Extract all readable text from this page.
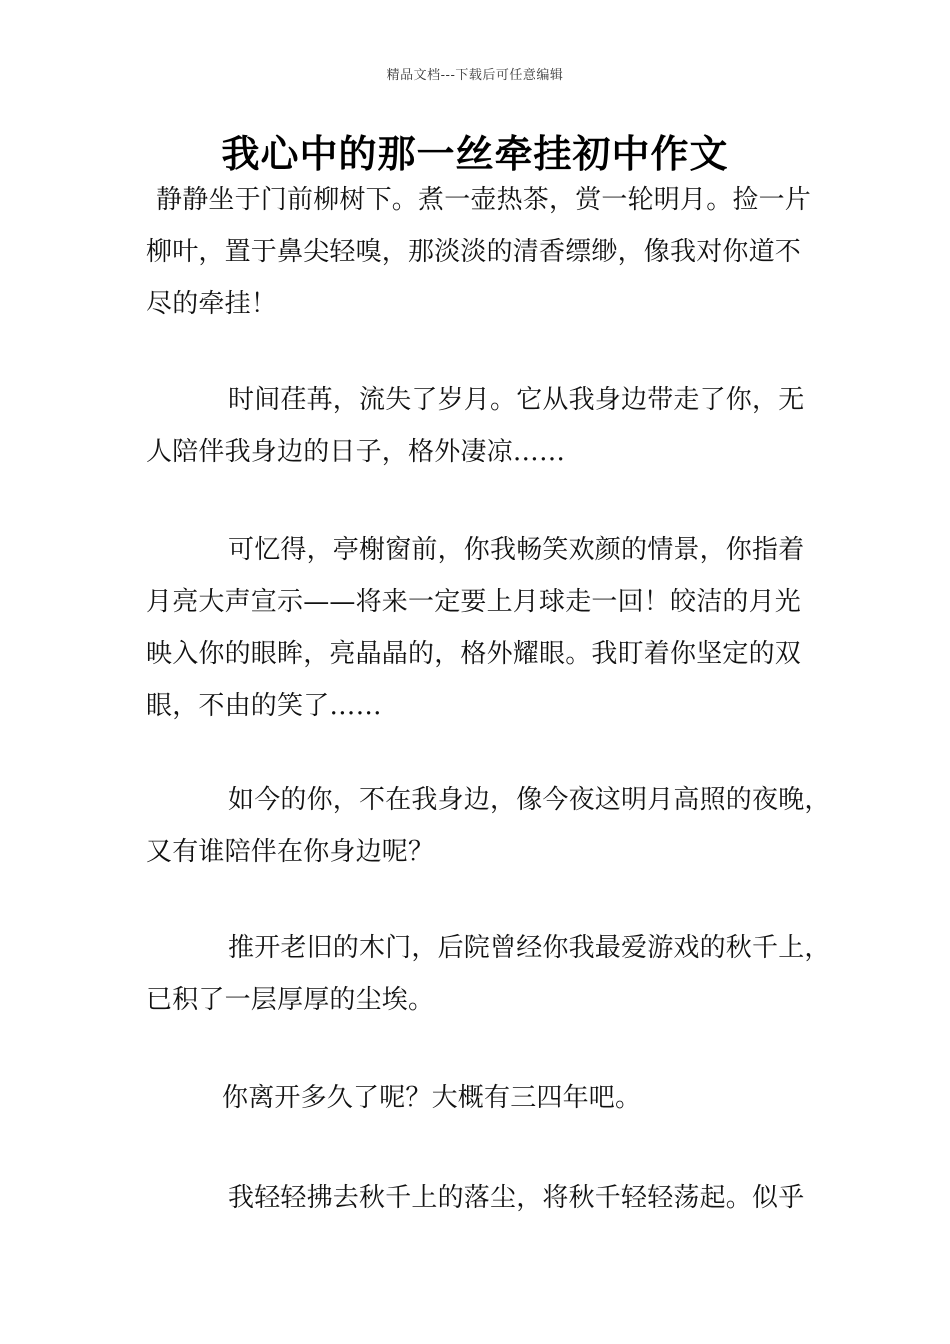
精品文档---下载后可任意编辑
我心中的那一丝牵挂初中作文
静静坐于门前柳树下。煮一壶热茶，赏一轮明月。捡一片
柳叶，置于鼻尖轻嗅，那淡淡的清香缥缈，像我对你道不
尽的牵挂！
时间荏苒，流失了岁月。它从我身边带走了你，无
人陪伴我身边的日子，格外凄凉……
可忆得，亭榭窗前，你我畅笑欢颜的情景，你指着
月亮大声宣示——将来一定要上月球走一回！皎洁的月光
映入你的眼眸，亮晶晶的，格外耀眼。我盯着你坚定的双
眼，不由的笑了……
如今的你，不在我身边，像今夜这明月高照的夜晚，
又有谁陪伴在你身边呢？
推开老旧的木门，后院曾经你我最爱游戏的秋千上，
已积了一层厚厚的尘埃。
你离开多久了呢？大概有三四年吧。
我轻轻拂去秋千上的落尘，将秋千轻轻荡起。似乎
